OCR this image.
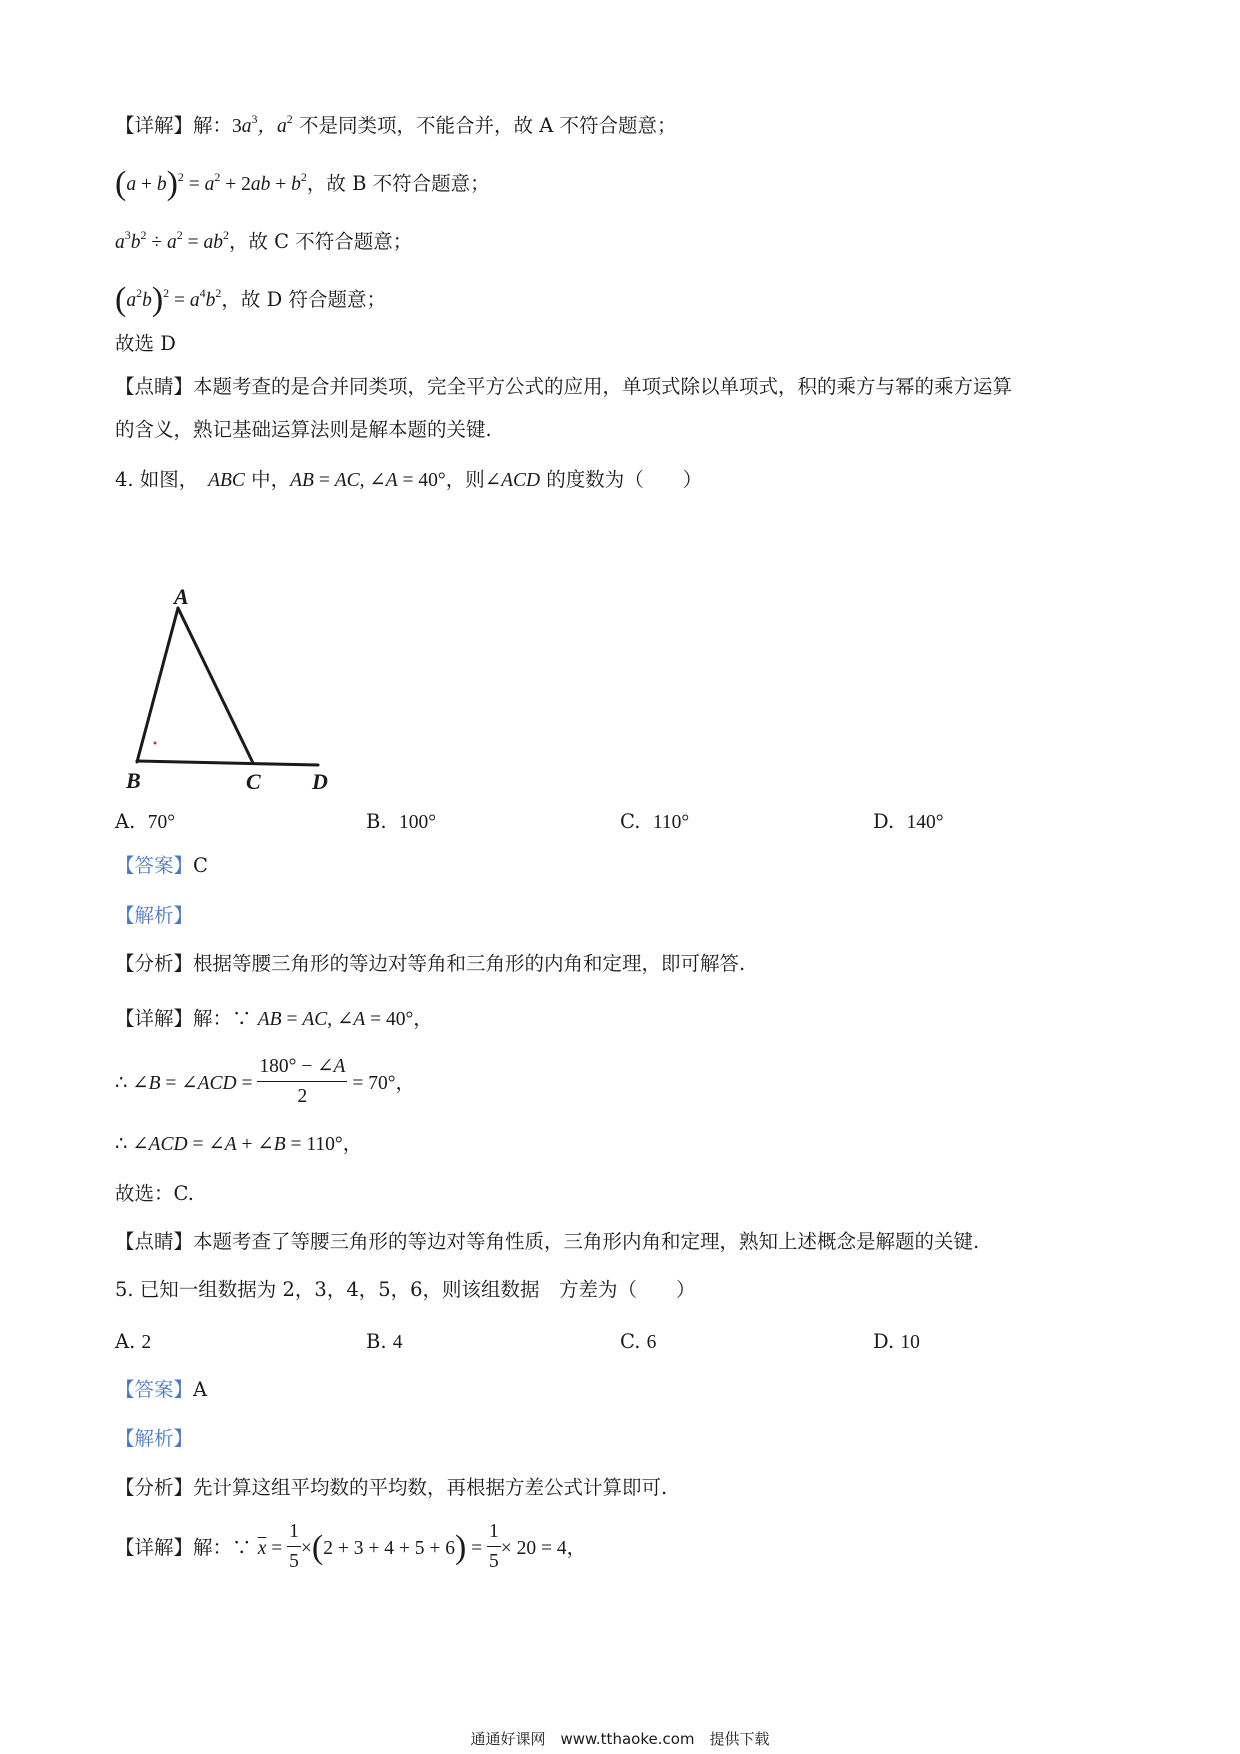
【详解】解：$3a^3$，$a^2$ 不是同类项，不能合并，故 A 不符合题意；
$(a + b)^2 = a^2 + 2ab + b^2$，故 B 不符合题意；
$a^3b^2 \div a^2 = ab^2$，故 C 不符合题意；
$(a^2b)^2 = a^4b^2$，故 D 符合题意；
故选 D
【点睛】本题考查的是合并同类项，完全平方公式的应用，单项式除以单项式，积的乘方与幂的乘方运算
的含义，熟记基础运算法则是解本题的关键.
4. 如图，　 ABC 中，AB = AC, ∠A = 40°，则∠ACD 的度数为（　　）
A
B	C D
A. 70°	B. 100°	C. 110°	D. 140°
【答案】C
【解析】
【分析】根据等腰三角形的等边对等角和三角形的内角和定理，即可解答.
【详解】解：∵ AB = AC, ∠A = 40°，
∴ ∠B = ∠ACD = $\frac{180^\circ - \angle A}{2} = 70^\circ$，
∴ ∠ACD = ∠A + ∠B = 110°，
故选：C.
【点睛】本题考查了等腰三角形的等边对等角性质，三角形内角和定理，熟知上述概念是解题的关键.
5. 已知一组数据为 2，3，4，5，6，则该组数据　方差为（　　）
A. 2	B. 4	C. 6	D. 10
【答案】A
【解析】
【分析】先计算这组平均数的平均数，再根据方差公式计算即可.
【详解】解：∵ $\overline{x} = \frac{1}{5} \times(2 + 3 + 4 + 5 + 6) = \frac{1}{5} \times 20 = 4$，
通通好课网　www.tthaoke.com　提供下载
